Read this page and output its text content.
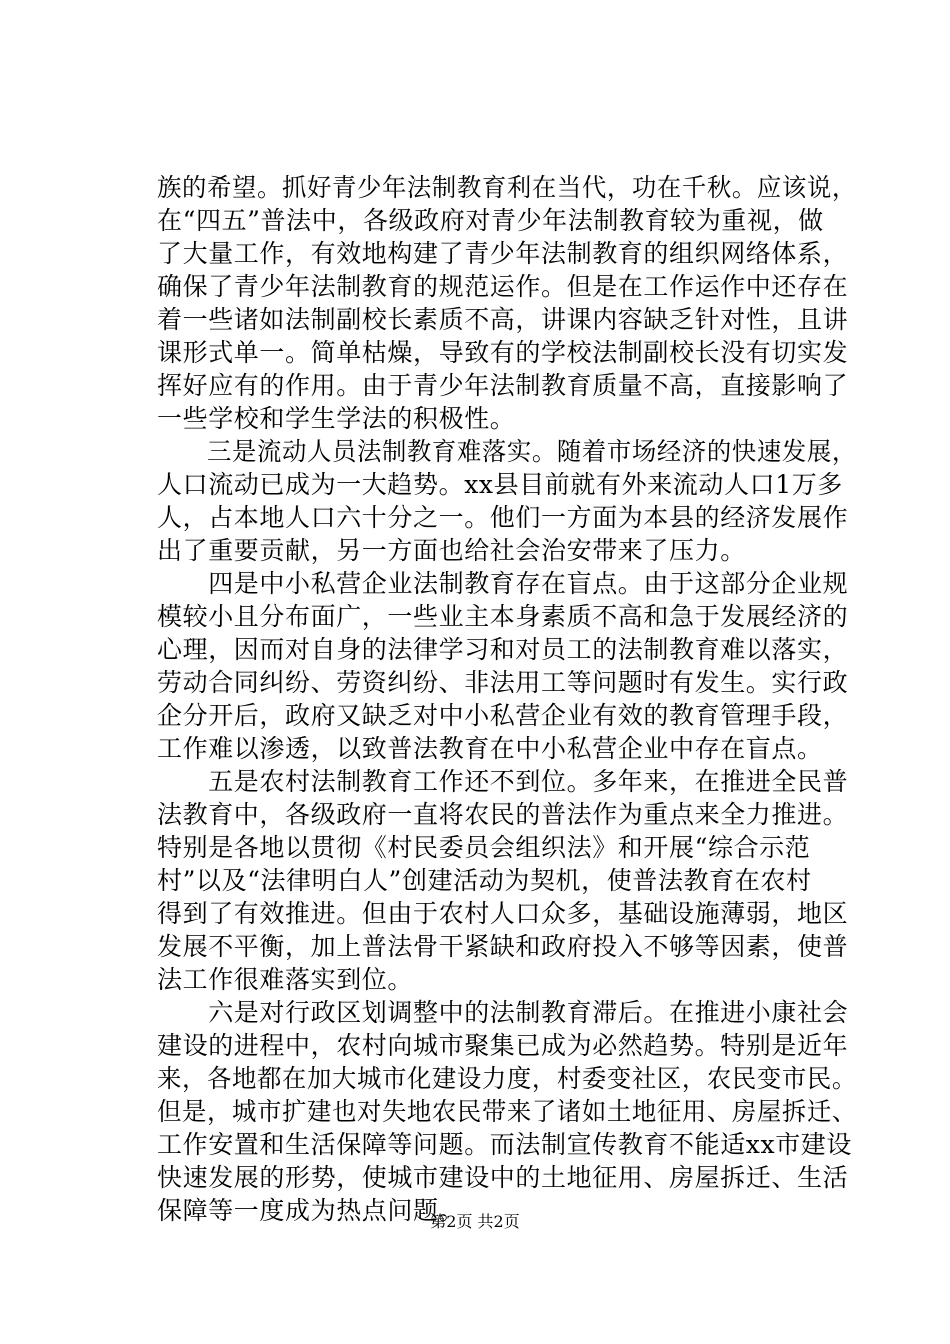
族的希望。抓好青少年法制教育利在当代，功在千秋。应该说，
在“四五”普法中，各级政府对青少年法制教育较为重视，做
了大量工作，有效地构建了青少年法制教育的组织网络体系，
确保了青少年法制教育的规范运作。但是在工作运作中还存在
着一些诸如法制副校长素质不高，讲课内容缺乏针对性，且讲
课形式单一。简单枯燥，导致有的学校法制副校长没有切实发
挥好应有的作用。由于青少年法制教育质量不高，直接影响了
一些学校和学生学法的积极性。
　　三是流动人员法制教育难落实。随着市场经济的快速发展，
人口流动已成为一大趋势。xx县目前就有外来流动人口1万多
人，占本地人口六十分之一。他们一方面为本县的经济发展作
出了重要贡献，另一方面也给社会治安带来了压力。
　　四是中小私营企业法制教育存在盲点。由于这部分企业规
模较小且分布面广，一些业主本身素质不高和急于发展经济的
心理，因而对自身的法律学习和对员工的法制教育难以落实，
劳动合同纠纷、劳资纠纷、非法用工等问题时有发生。实行政
企分开后，政府又缺乏对中小私营企业有效的教育管理手段，
工作难以渗透，以致普法教育在中小私营企业中存在盲点。
　　五是农村法制教育工作还不到位。多年来，在推进全民普
法教育中，各级政府一直将农民的普法作为重点来全力推进。
特别是各地以贯彻《村民委员会组织法》和开展“综合示范
村”以及“法律明白人”创建活动为契机，使普法教育在农村
得到了有效推进。但由于农村人口众多，基础设施薄弱，地区
发展不平衡，加上普法骨干紧缺和政府投入不够等因素，使普
法工作很难落实到位。
　　六是对行政区划调整中的法制教育滞后。在推进小康社会
建设的进程中，农村向城市聚集已成为必然趋势。特别是近年
来，各地都在加大城市化建设力度，村委变社区，农民变市民。
但是，城市扩建也对失地农民带来了诸如土地征用、房屋拆迁、
工作安置和生活保障等问题。而法制宣传教育不能适xx市建设
快速发展的形势，使城市建设中的土地征用、房屋拆迁、生活
保障等一度成为热点问题。
第2页 共2页
